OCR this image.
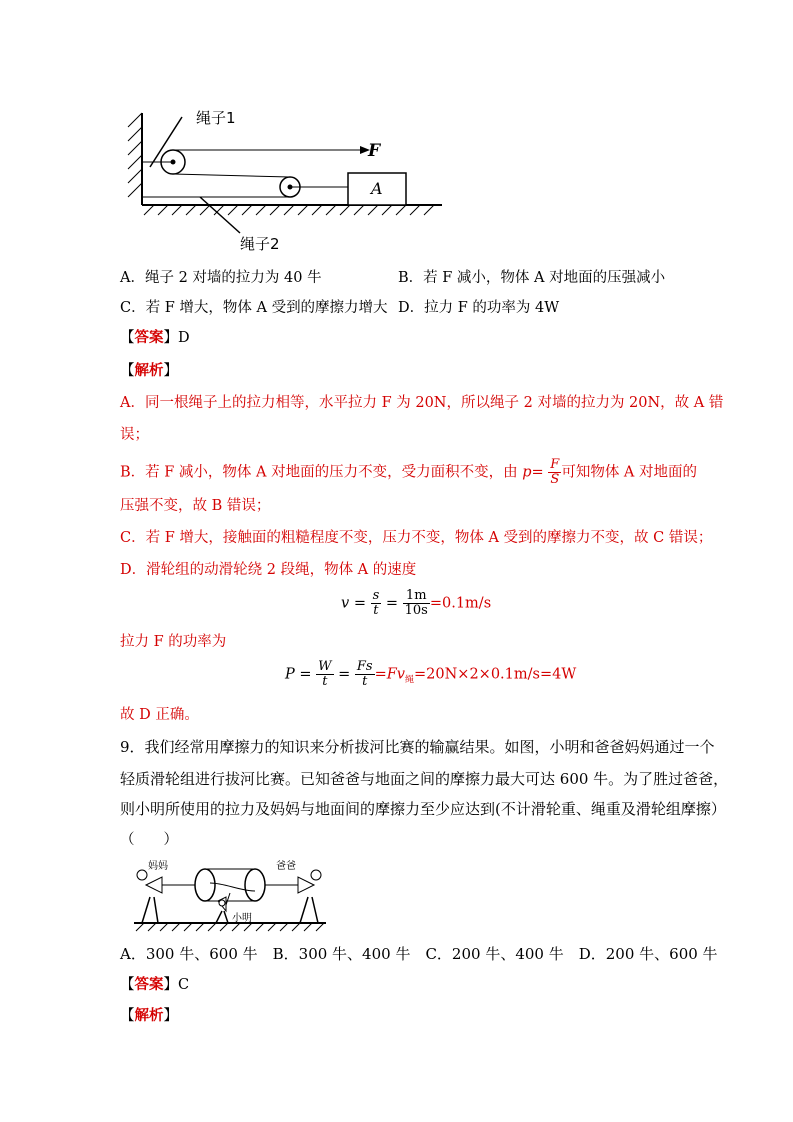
绳子1
绳子2
F
A
A．绳子 2 对墙的拉力为 40 牛	B．若 F 减小，物体 A 对地面的压强减小
C．若 F 增大，物体 A 受到的摩擦力增大 D．拉力 F 的功率为 4W
【答案】D
【解析】
A．同一根绳子上的拉力相等，水平拉力 F 为 20N，所以绳子 2 对墙的拉力为 20N，故 A 错
误；
B．若 F 减小，物体 A 对地面的压力不变，受力面积不变，由 $p= \frac{F}{S}$ 可知物体 A 对地面的
压强不变，故 B 错误；
C．若 F 增大，接触面的粗糙程度不变，压力不变，物体 A 受到的摩擦力不变，故 C 错误；
D．滑轮组的动滑轮绕 2 段绳，物体 A 的速度
$v = \frac{s}{t} = \frac{1m}{10s} =0.1m/s$
拉力 F 的功率为
$P = \frac{W}{t} = \frac{Fs}{t} =Fv_绳=20N\times 2\times 0.1m/s=4W$
故 D 正确。
9．我们经常用摩擦力的知识来分析拔河比赛的输赢结果。如图，小明和爸爸妈妈通过一个
轻质滑轮组进行拔河比赛。已知爸爸与地面之间的摩擦力最大可达 600 牛。为了胜过爸爸，
则小明所使用的拉力及妈妈与地面间的摩擦力至少应达到(不计滑轮重、绳重及滑轮组摩擦）
（　　）
妈妈	爸爸
小明
A．300 牛、600 牛　B．300 牛、400 牛　C．200 牛、400 牛　D．200 牛、600 牛
【答案】C
【解析】
